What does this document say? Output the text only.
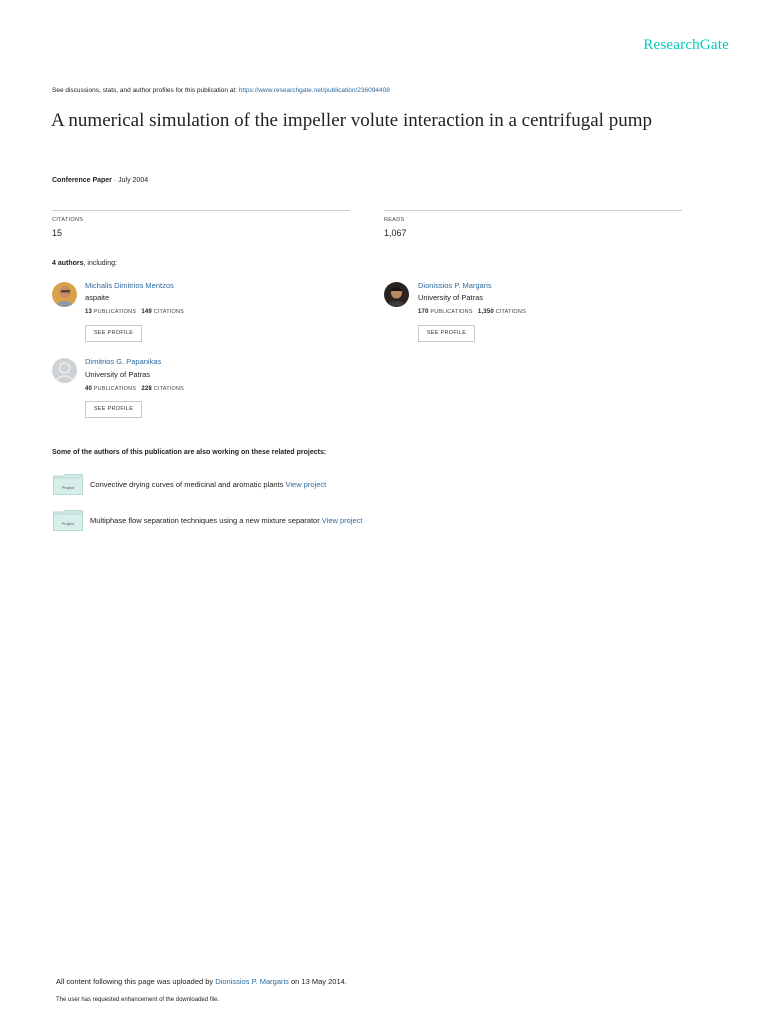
ResearchGate
See discussions, stats, and author profiles for this publication at: https://www.researchgate.net/publication/236094408
A numerical simulation of the impeller volute interaction in a centrifugal pump
Conference Paper · July 2004
CITATIONS
15
READS
1,067
4 authors, including:
Michalis Dimitrios Mentzos
aspaite
13 PUBLICATIONS 149 CITATIONS
SEE PROFILE
Dionissios P. Margaris
University of Patras
170 PUBLICATIONS 1,350 CITATIONS
SEE PROFILE
Dimitrios G. Papanikas
University of Patras
40 PUBLICATIONS 228 CITATIONS
SEE PROFILE
Some of the authors of this publication are also working on these related projects:
Project Convective drying curves of medicinal and aromatic plants View project
Project Multiphase flow separation techniques using a new mixture separator View project
All content following this page was uploaded by Dionissios P. Margaris on 13 May 2014.
The user has requested enhancement of the downloaded file.
